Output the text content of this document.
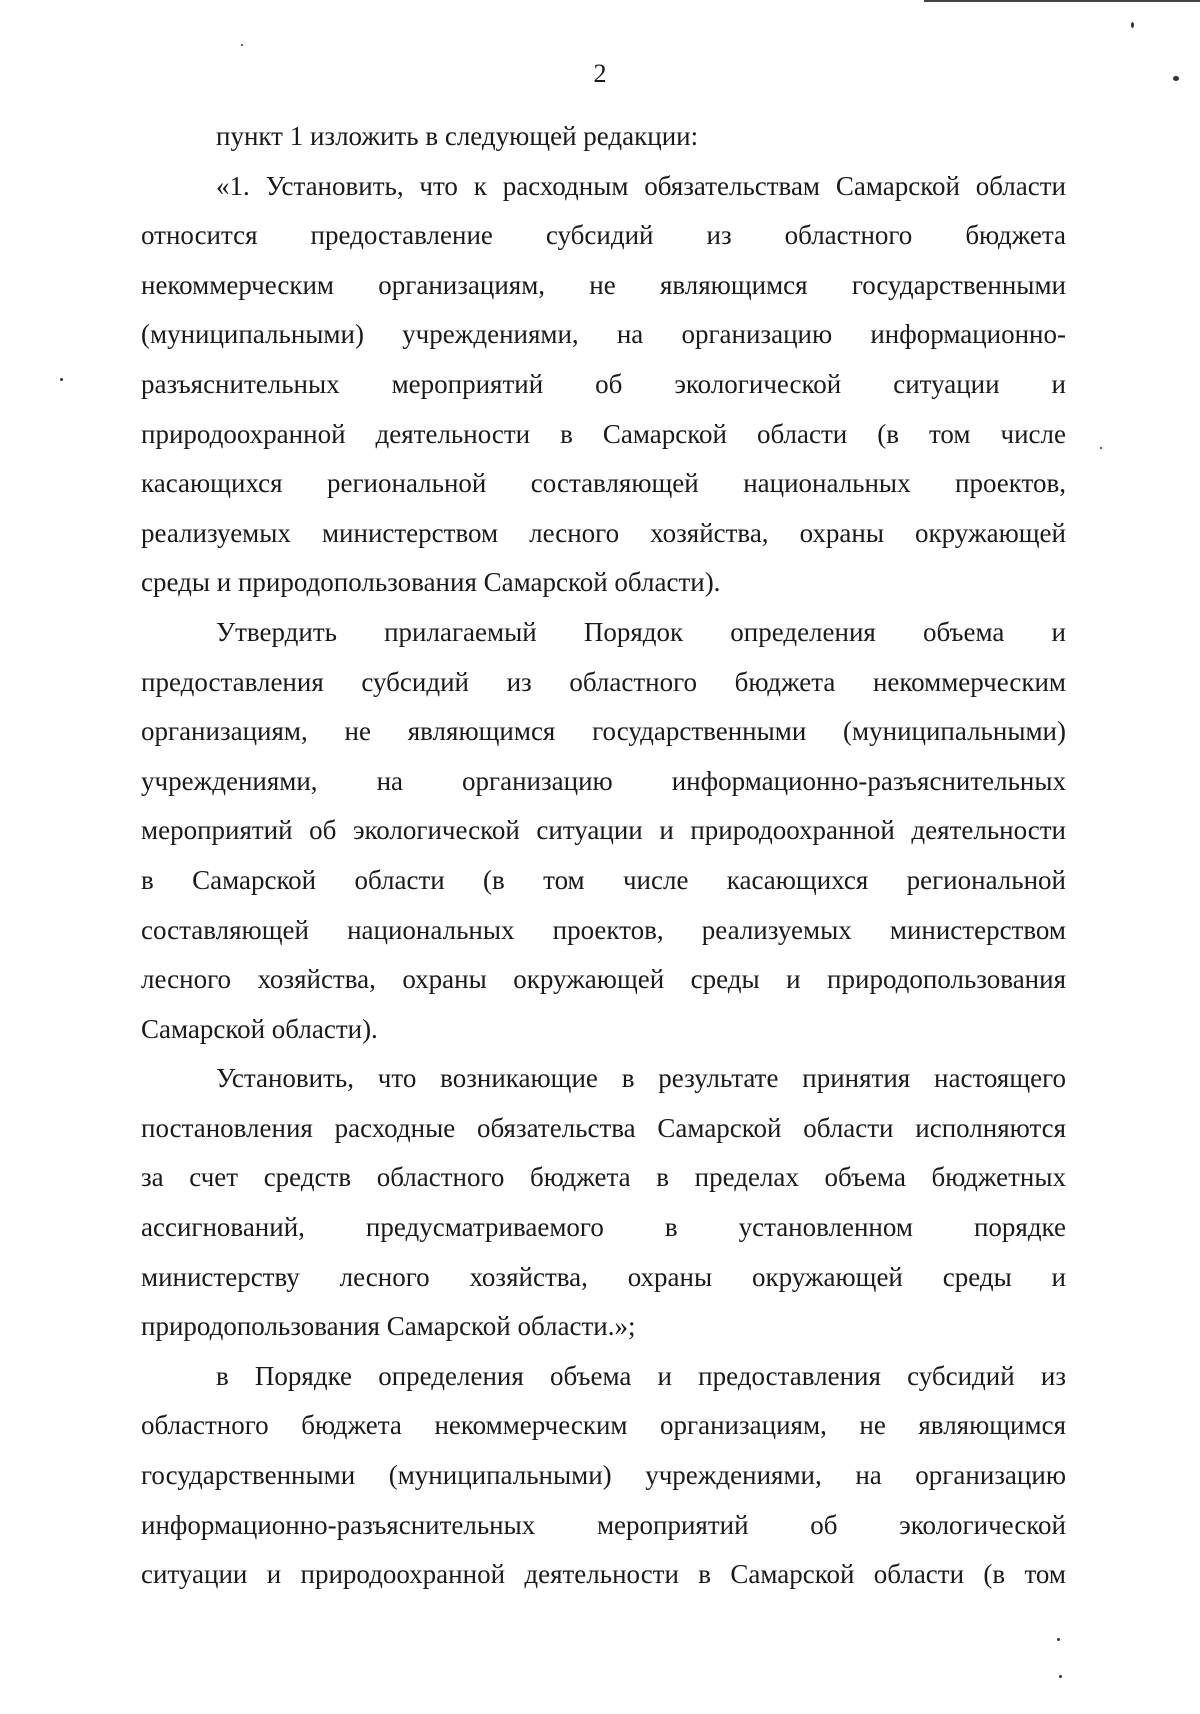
2
пункт 1 изложить в следующей редакции:
«1. Установить, что к расходным обязательствам Самарской области
относится предоставление субсидий из областного бюджета
некоммерческим организациям, не являющимся государственными
(муниципальными) учреждениями, на организацию информационно-
разъяснительных мероприятий об экологической ситуации и
природоохранной деятельности в Самарской области (в том числе
касающихся региональной составляющей национальных проектов,
реализуемых министерством лесного хозяйства, охраны окружающей
среды и природопользования Самарской области).
Утвердить прилагаемый Порядок определения объема и
предоставления субсидий из областного бюджета некоммерческим
организациям, не являющимся государственными (муниципальными)
учреждениями, на организацию информационно-разъяснительных
мероприятий об экологической ситуации и природоохранной деятельности
в Самарской области (в том числе касающихся региональной
составляющей национальных проектов, реализуемых министерством
лесного хозяйства, охраны окружающей среды и природопользования
Самарской области).
Установить, что возникающие в результате принятия настоящего
постановления расходные обязательства Самарской области исполняются
за счет средств областного бюджета в пределах объема бюджетных
ассигнований, предусматриваемого в установленном порядке
министерству лесного хозяйства, охраны окружающей среды и
природопользования Самарской области.»;
в Порядке определения объема и предоставления субсидий из
областного бюджета некоммерческим организациям, не являющимся
государственными (муниципальными) учреждениями, на организацию
информационно-разъяснительных мероприятий об экологической
ситуации и природоохранной деятельности в Самарской области (в том
